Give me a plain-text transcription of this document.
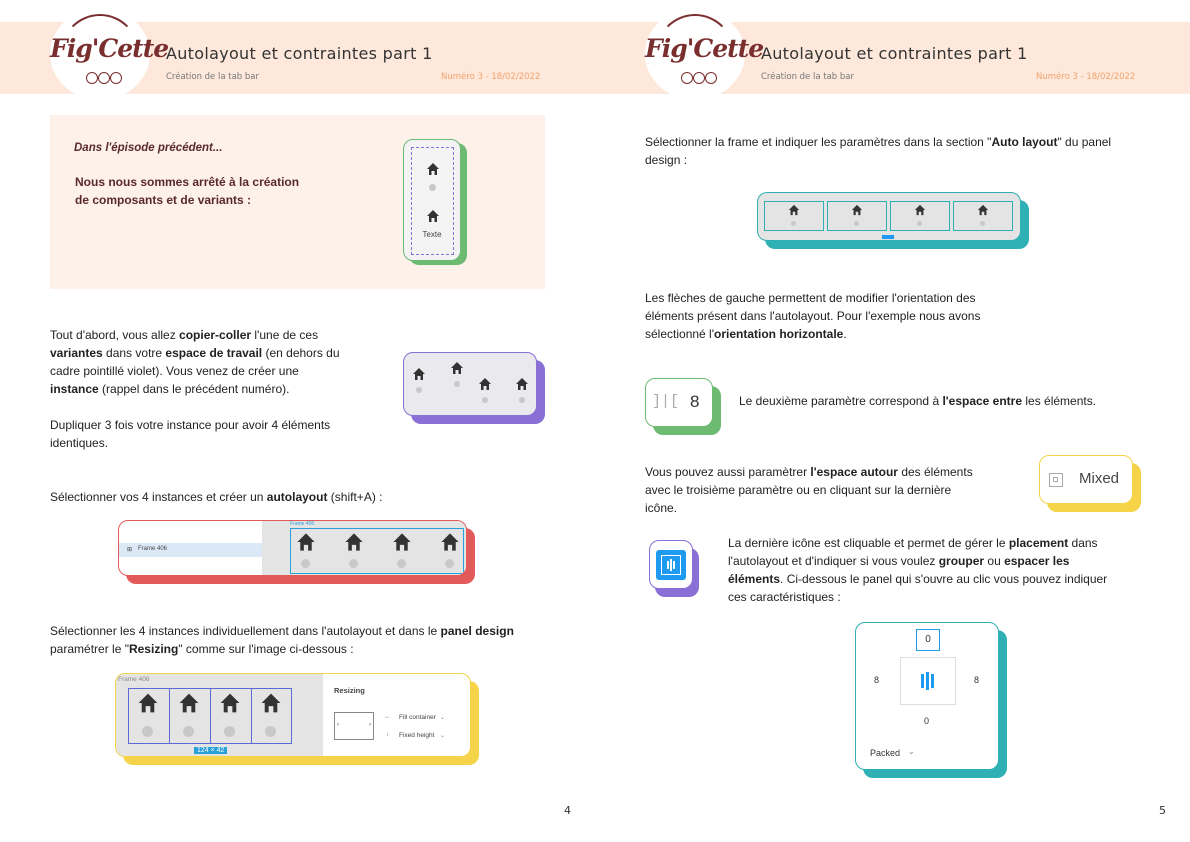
Fig'Cette
Autolayout et contraintes part 1
Création de la tab bar	Numéro 3 - 18/02/2022
Dans l'épisode précédent...
Nous nous sommes arrêté à la création
de composants et de variants :
Texte
Tout d'abord, vous allez copier-coller l'une de ces
variantes dans votre espace de travail (en dehors du
cadre pointillé violet). Vous venez de créer une
instance (rappel dans le précédent numéro).
Dupliquer 3 fois votre instance pour avoir 4 éléments
identiques.
Sélectionner vos 4 instances et créer un autolayout (shift+A) :
⊞ Frame 406
Frame 406
Sélectionner les 4 instances individuellement dans l'autolayout et dans le panel design
paramétrer le "Resizing" comme sur l'image ci-dessous :
Frame 406
124 × 42
Resizing
‹	›
↔ Fill container ⌄
↕ Fixed height ⌄
4
Fig'Cette
Autolayout et contraintes part 1
Création de la tab bar	Numéro 3 - 18/02/2022
Sélectionner la frame et indiquer les paramètres dans la section "Auto layout" du panel
design :
Les flèches de gauche permettent de modifier l'orientation des
éléments présent dans l'autolayout. Pour l'exemple nous avons
sélectionné l'orientation horizontale.
]|[ 8	Le deuxième paramètre correspond à l'espace entre les éléments.
Vous pouvez aussi paramètrer l'espace autour des éléments
avec le troisième paramètre ou en cliquant sur la dernière
icône.
Mixed
La dernière icône est cliquable et permet de gérer le placement dans
l'autolayout et d'indiquer si vous voulez grouper ou espacer les
éléments. Ci-dessous le panel qui s'ouvre au clic vous pouvez indiquer
ces caractéristiques :
0
8	8
0
Packed ⌄
5
